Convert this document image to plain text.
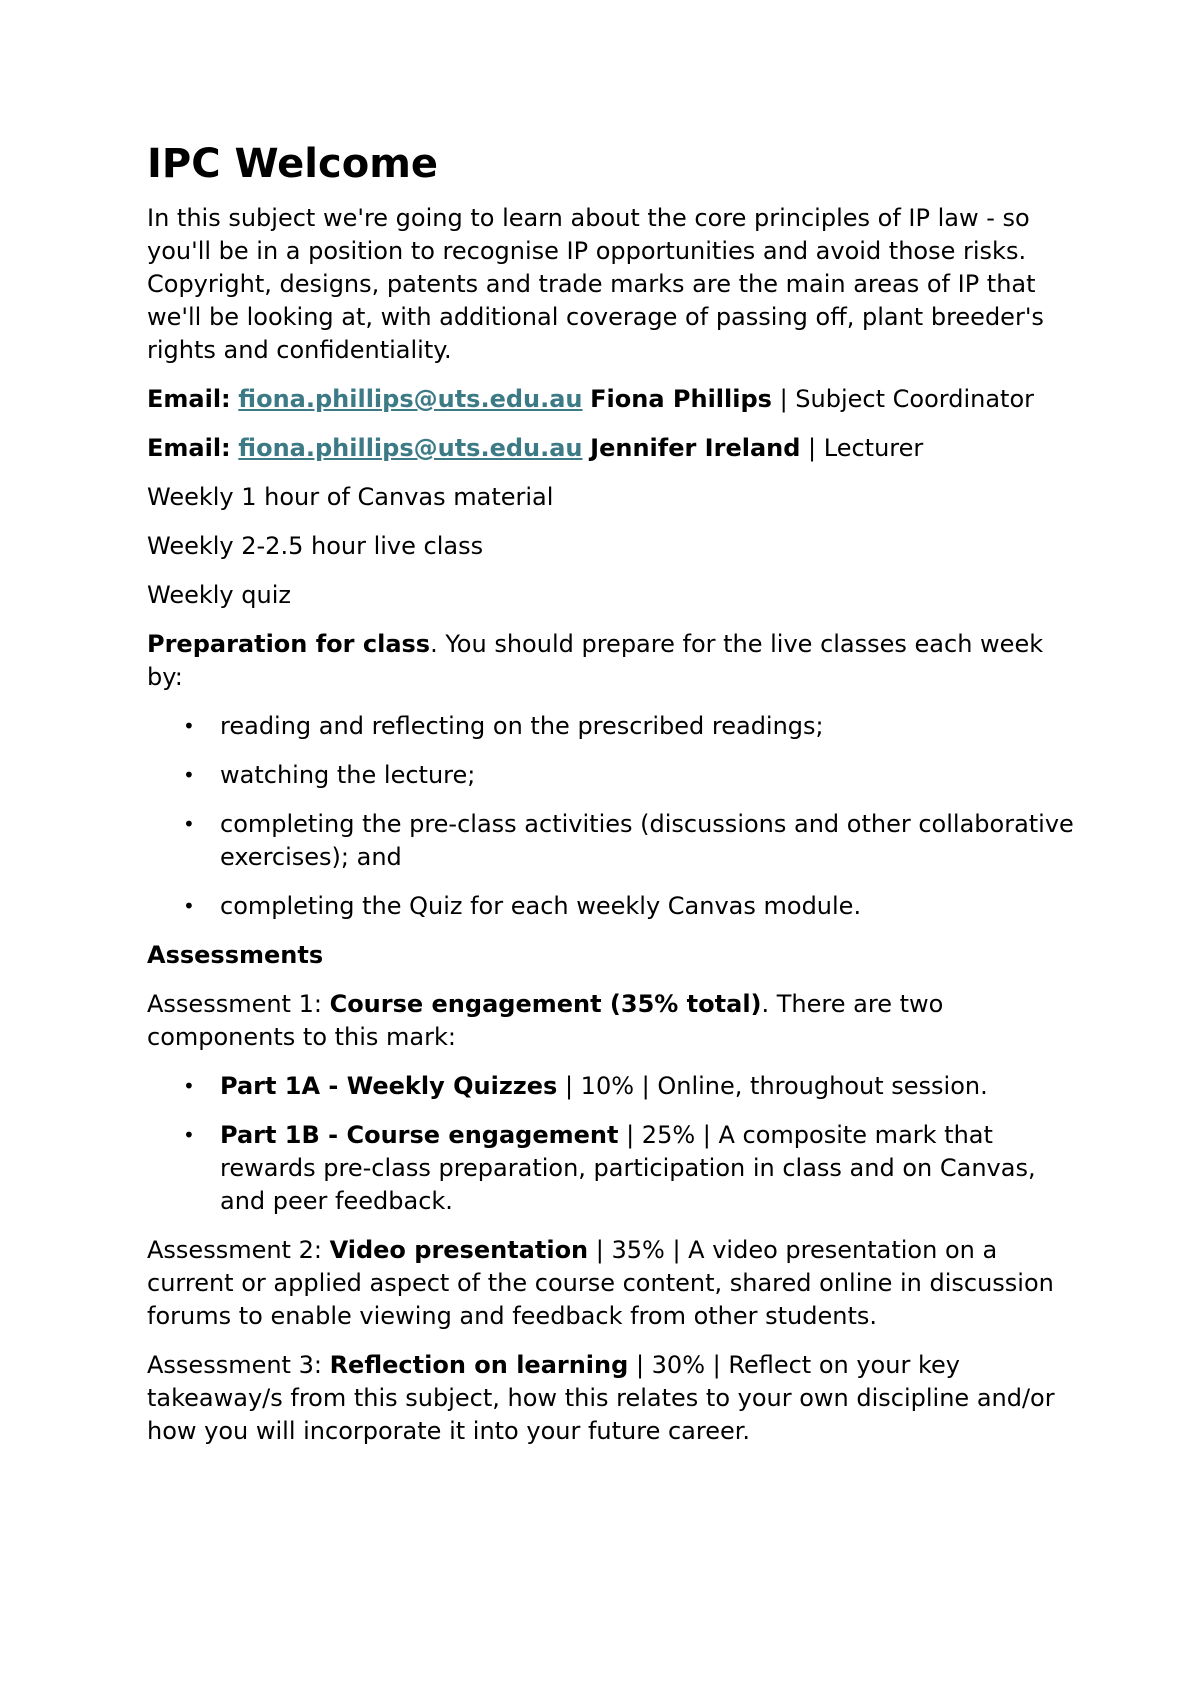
IPC Welcome

In this subject we're going to learn about the core principles of IP law - so you'll be in a position to recognise IP opportunities and avoid those risks. Copyright, designs, patents and trade marks are the main areas of IP that we'll be looking at, with additional coverage of passing off, plant breeder's rights and confidentiality.

Email: fiona.phillips@uts.edu.au Fiona Phillips | Subject Coordinator

Email: fiona.phillips@uts.edu.au Jennifer Ireland | Lecturer

Weekly 1 hour of Canvas material

Weekly 2-2.5 hour live class

Weekly quiz

Preparation for class. You should prepare for the live classes each week by:

• reading and reflecting on the prescribed readings;
• watching the lecture;
• completing the pre-class activities (discussions and other collaborative exercises); and
• completing the Quiz for each weekly Canvas module.

Assessments

Assessment 1: Course engagement (35% total). There are two components to this mark:

• Part 1A - Weekly Quizzes | 10% | Online, throughout session.
• Part 1B - Course engagement | 25% | A composite mark that rewards pre-class preparation, participation in class and on Canvas, and peer feedback.

Assessment 2: Video presentation | 35% | A video presentation on a current or applied aspect of the course content, shared online in discussion forums to enable viewing and feedback from other students.

Assessment 3: Reflection on learning | 30% | Reflect on your key takeaway/s from this subject, how this relates to your own discipline and/or how you will incorporate it into your future career.
